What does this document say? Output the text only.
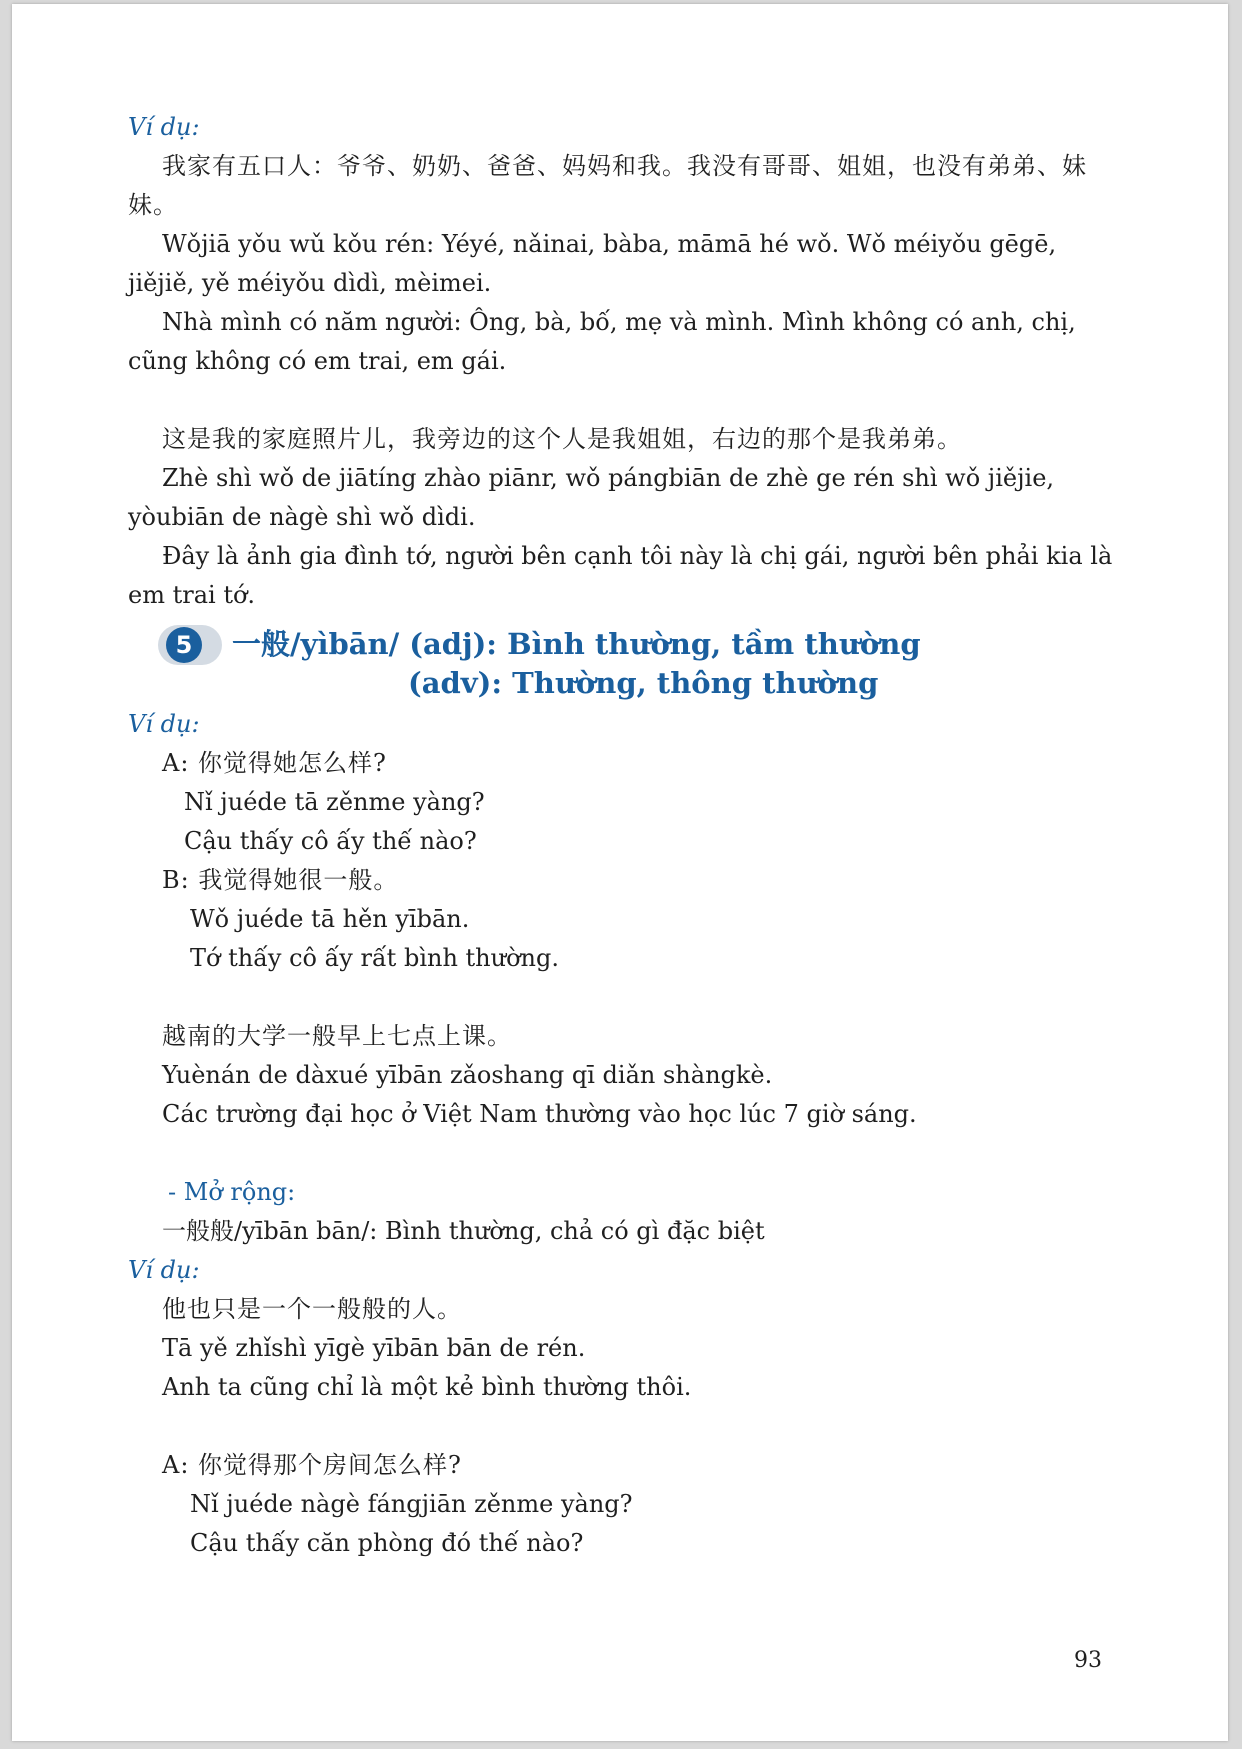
Ví dụ:

我家有五口人：爷爷、奶奶、爸爸、妈妈和我。我没有哥哥、姐姐，也没有弟弟、妹妹。

Wǒjiā yǒu wǔ kǒu rén: Yéyé, nǎinai, bàba, māmā hé wǒ. Wǒ méiyǒu gēgē, jiějiě, yě méiyǒu dìdì, mèimei.

Nhà mình có năm người: Ông, bà, bố, mẹ và mình. Mình không có anh, chị, cũng không có em trai, em gái.

这是我的家庭照片儿，我旁边的这个人是我姐姐，右边的那个是我弟弟。

Zhè shì wǒ de jiātíng zhào piānr, wǒ pángbiān de zhè ge rén shì wǒ jiějie, yòubiān de nàgè shì wǒ dìdi.

Đây là ảnh gia đình tớ, người bên cạnh tôi này là chị gái, người bên phải kia là em trai tớ.

5	一般/yìbān/ (adj): Bình thường, tầm thường
(adv): Thường, thông thường

Ví dụ:

A: 你觉得她怎么样?

Nǐ juéde tā zěnme yàng?

Cậu thấy cô ấy thế nào?

B: 我觉得她很一般。

Wǒ juéde tā hěn yībān.

Tớ thấy cô ấy rất bình thường.

越南的大学一般早上七点上课。

Yuènán de dàxué yībān zǎoshang qī diǎn shàngkè.

Các trường đại học ở Việt Nam thường vào học lúc 7 giờ sáng.

- Mở rộng:

一般般/yībān bān/: Bình thường, chả có gì đặc biệt

Ví dụ:

他也只是一个一般般的人。

Tā yě zhǐshì yīgè yībān bān de rén.

Anh ta cũng chỉ là một kẻ bình thường thôi.

A: 你觉得那个房间怎么样?

Nǐ juéde nàgè fángjiān zěnme yàng?

Cậu thấy căn phòng đó thế nào?

93
